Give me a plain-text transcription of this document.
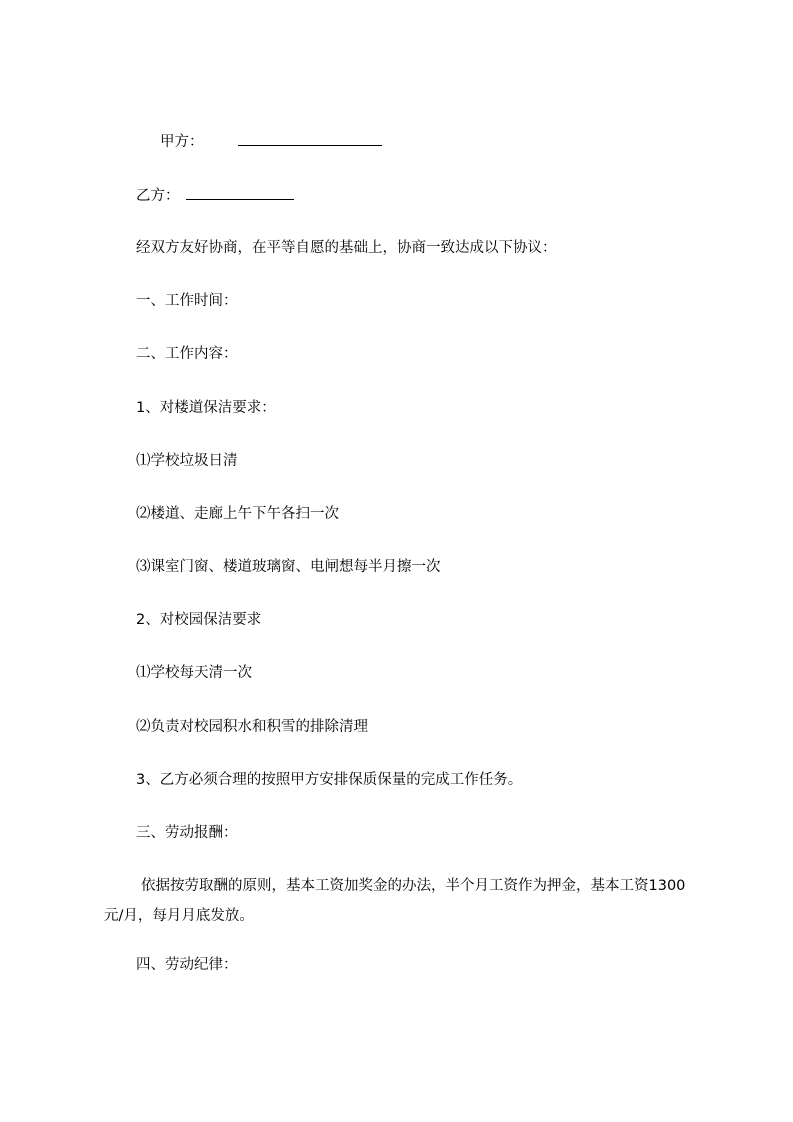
甲方：
乙方：
经双方友好协商，在平等自愿的基础上，协商一致达成以下协议：
一、工作时间：
二、工作内容：
1、对楼道保洁要求：
⑴学校垃圾日清
⑵楼道、走廊上午下午各扫一次
⑶课室门窗、楼道玻璃窗、电闸想每半月擦一次
2、对校园保洁要求
⑴学校每天清一次
⑵负责对校园积水和积雪的排除清理
3、乙方必须合理的按照甲方安排保质保量的完成工作任务。
三、劳动报酬：
依据按劳取酬的原则，基本工资加奖金的办法，半个月工资作为押金，基本工资1300元/月，每月月底发放。
四、劳动纪律：
